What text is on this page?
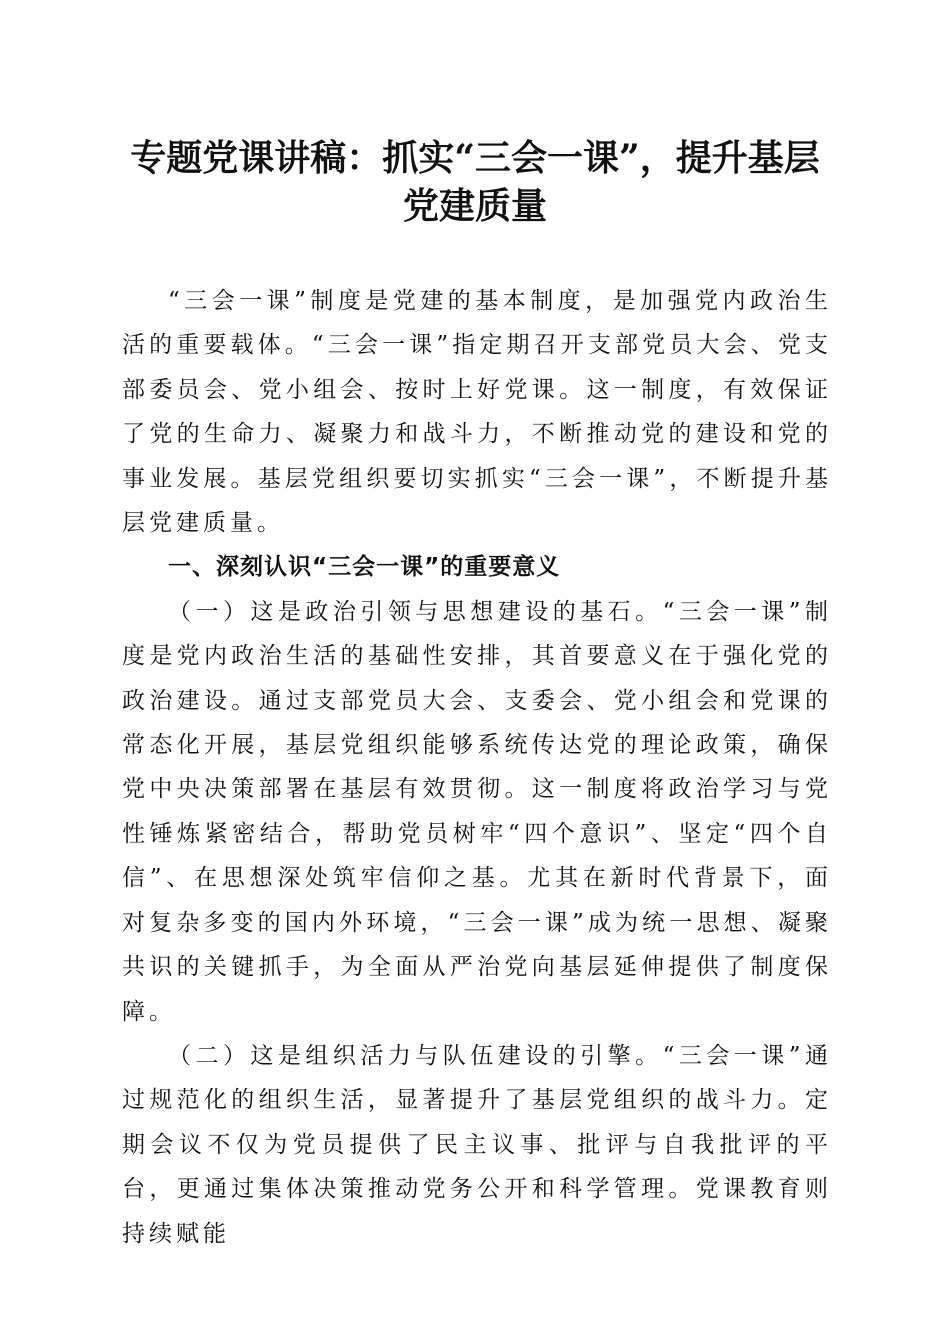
专题党课讲稿：抓实“三会一课”，提升基层
党建质量

“三会一课”制度是党建的基本制度，是加强党内政治生活的重要载体。“三会一课”指定期召开支部党员大会、党支部委员会、党小组会、按时上好党课。这一制度，有效保证了党的生命力、凝聚力和战斗力，不断推动党的建设和党的事业发展。基层党组织要切实抓实“三会一课”，不断提升基层党建质量。

一、深刻认识“三会一课”的重要意义

（一）这是政治引领与思想建设的基石。“三会一课”制度是党内政治生活的基础性安排，其首要意义在于强化党的政治建设。通过支部党员大会、支委会、党小组会和党课的常态化开展，基层党组织能够系统传达党的理论政策，确保党中央决策部署在基层有效贯彻。这一制度将政治学习与党性锤炼紧密结合，帮助党员树牢“四个意识”、坚定“四个自信”、在思想深处筑牢信仰之基。尤其在新时代背景下，面对复杂多变的国内外环境，“三会一课”成为统一思想、凝聚共识的关键抓手，为全面从严治党向基层延伸提供了制度保障。

（二）这是组织活力与队伍建设的引擎。“三会一课”通过规范化的组织生活，显著提升了基层党组织的战斗力。定期会议不仅为党员提供了民主议事、批评与自我批评的平台，更通过集体决策推动党务公开和科学管理。党课教育则持续赋能
